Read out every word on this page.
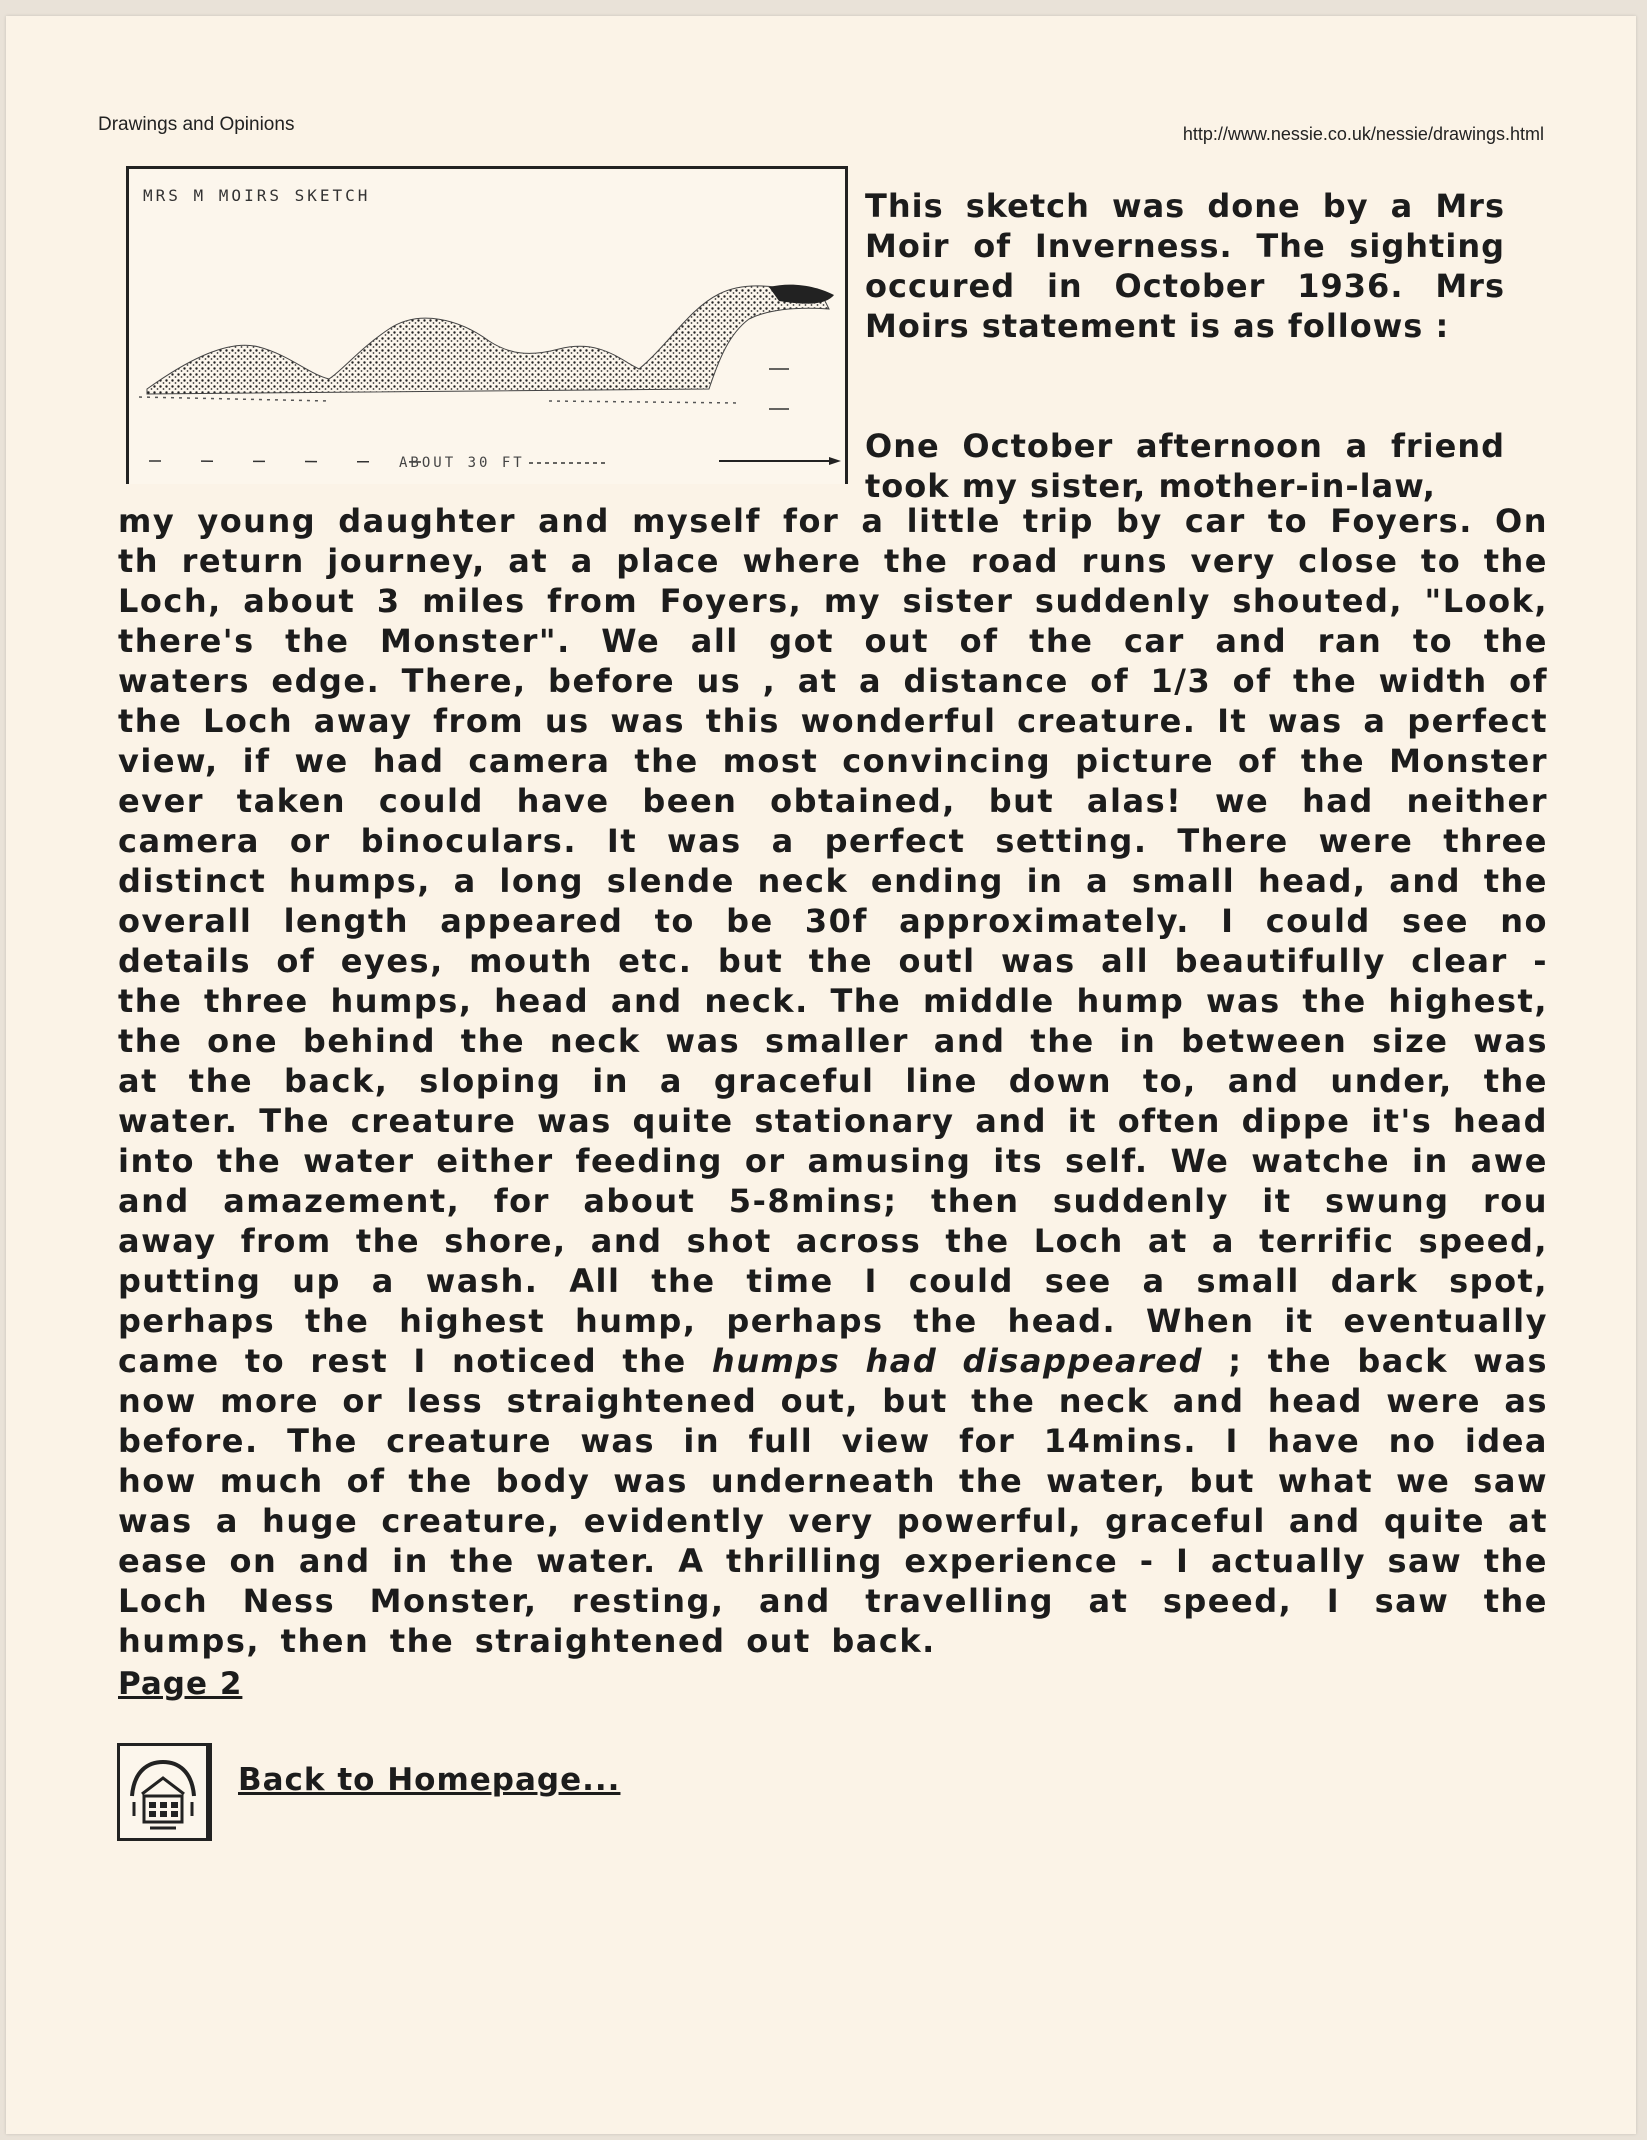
Drawings and Opinions	http://www.nessie.co.uk/nessie/drawings.html
MRS M MOIRS SKETCH
ABOUT 30 FT

This sketch was done by a Mrs Moir of Inverness. The sighting occured in October 1936. Mrs Moirs statement is as follows :

One October afternoon a friend took my sister, mother-in-law,

my young daughter and myself for a little trip by car to Foyers. On th return journey, at a place where the road runs very close to the Loch, about 3 miles from Foyers, my sister suddenly shouted, "Look, there's the Monster". We all got out of the car and ran to the waters edge. There, before us , at a distance of 1/3 of the width of the Loch away from us was this wonderful creature. It was a perfect view, if we had camera the most convincing picture of the Monster ever taken could have been obtained, but alas! we had neither camera or binoculars. It was a perfect setting. There were three distinct humps, a long slende neck ending in a small head, and the overall length appeared to be 30f approximately. I could see no details of eyes, mouth etc. but the outl was all beautifully clear - the three humps, head and neck. The middle hump was the highest, the one behind the neck was smaller and the in between size was at the back, sloping in a graceful line down to, and under, the water. The creature was quite stationary and it often dippe it's head into the water either feeding or amusing its self. We watche in awe and amazement, for about 5-8mins; then suddenly it swung rou away from the shore, and shot across the Loch at a terrific speed, putting up a wash. All the time I could see a small dark spot, perhaps the highest hump, perhaps the head. When it eventually came to rest I noticed the humps had disappeared ; the back was now more or less straightened out, but the neck and head were as before. The creature was in full view for 14mins. I have no idea how much of the body was underneath the water, but what we saw was a huge creature, evidently very powerful, graceful and quite at ease on and in the water. A thrilling experience - I actually saw the Loch Ness Monster, resting, and travelling at speed, I saw the humps, then the straightened out back.
Page 2
Back to Homepage...
